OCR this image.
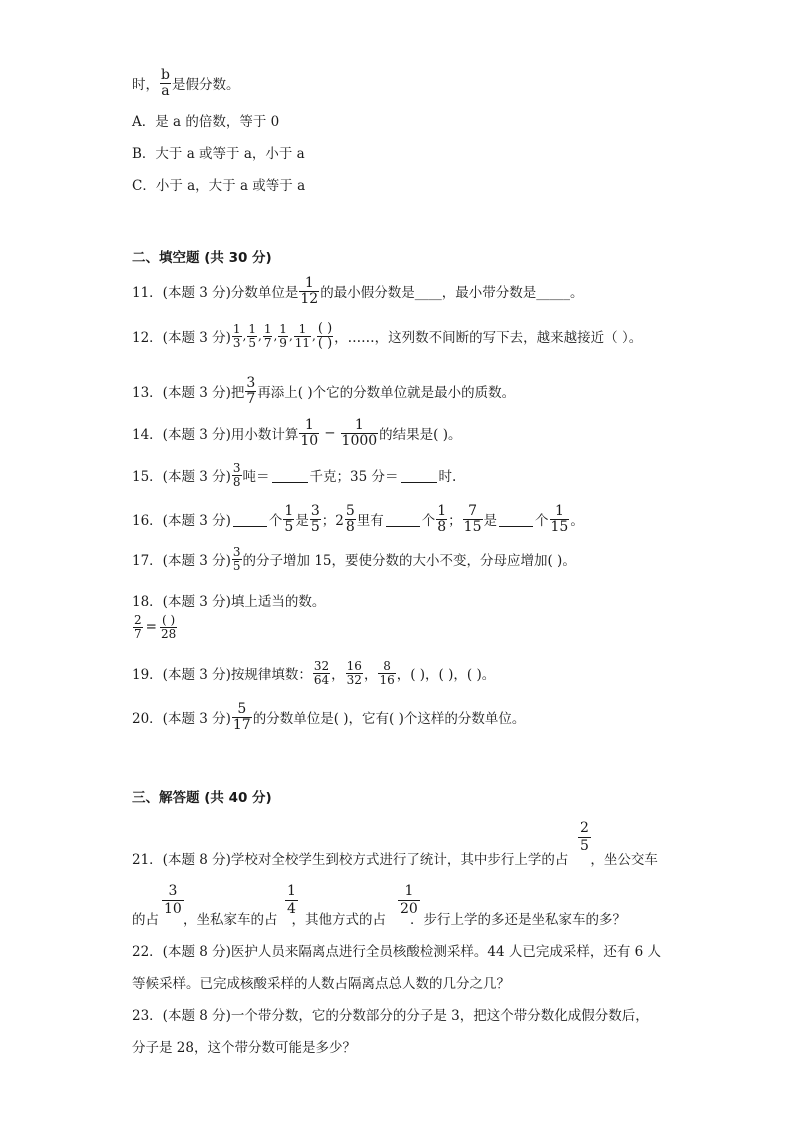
时，
b
a 是假分数。
A．是 a 的倍数，等于 0
B．大于 a 或等于 a，小于 a
C．小于 a，大于 a 或等于 a
二、填空题 (共 30 分)
11．(本题 3 分)分数单位是
1
12 的最小假分数是____，最小带分数是_____。
12．(本题 3 分)
1
3 ,
1
5 ,
1
7 ,
1
9 ,
1
11 ,
( )
( ) ，……，这列数不间断的写下去，越来越接近（ ）。
13．(本题 3 分)把
3
7 再添上( )个它的分数单位就是最小的质数。
14．(本题 3 分)用小数计算
1
$10 - \frac{1}{1000}$ 的结果是( )。
15．(本题 3 分)
3
8 吨＝	千克；35 分＝	时.
16．(本题 3 分)	个
1
5 是
3
5 ；2
5
8 里有	个
1
8 ；
7
15 是	个
1
15 。
17．(本题 3 分)
3
5 的分子增加 15，要使分数的大小不变，分母应增加( )。
18．(本题 3 分)填上适当的数。
$\frac{2}{7}$ = ( )
28
19．(本题 3 分)按规律填数：
32
64 ，
16
32 ，
8
16 ，( )，( )，( )。
20．(本题 3 分)
5
17 的分数单位是( )，它有( )个这样的分数单位。
三、解答题 (共 40 分)
2
5
21．(本题 8 分)学校对全校学生到校方式进行了统计，其中步行上学的占 ，坐公交车
3
10
1
4
1
20
的占 ，坐私家车的占 ，其他方式的占 ．步行上学的多还是坐私家车的多？
22．(本题 8 分)医护人员来隔离点进行全员核酸检测采样。44 人已完成采样，还有 6 人
等候采样。已完成核酸采样的人数占隔离点总人数的几分之几？
23．(本题 8 分)一个带分数，它的分数部分的分子是 3，把这个带分数化成假分数后，
分子是 28，这个带分数可能是多少？
